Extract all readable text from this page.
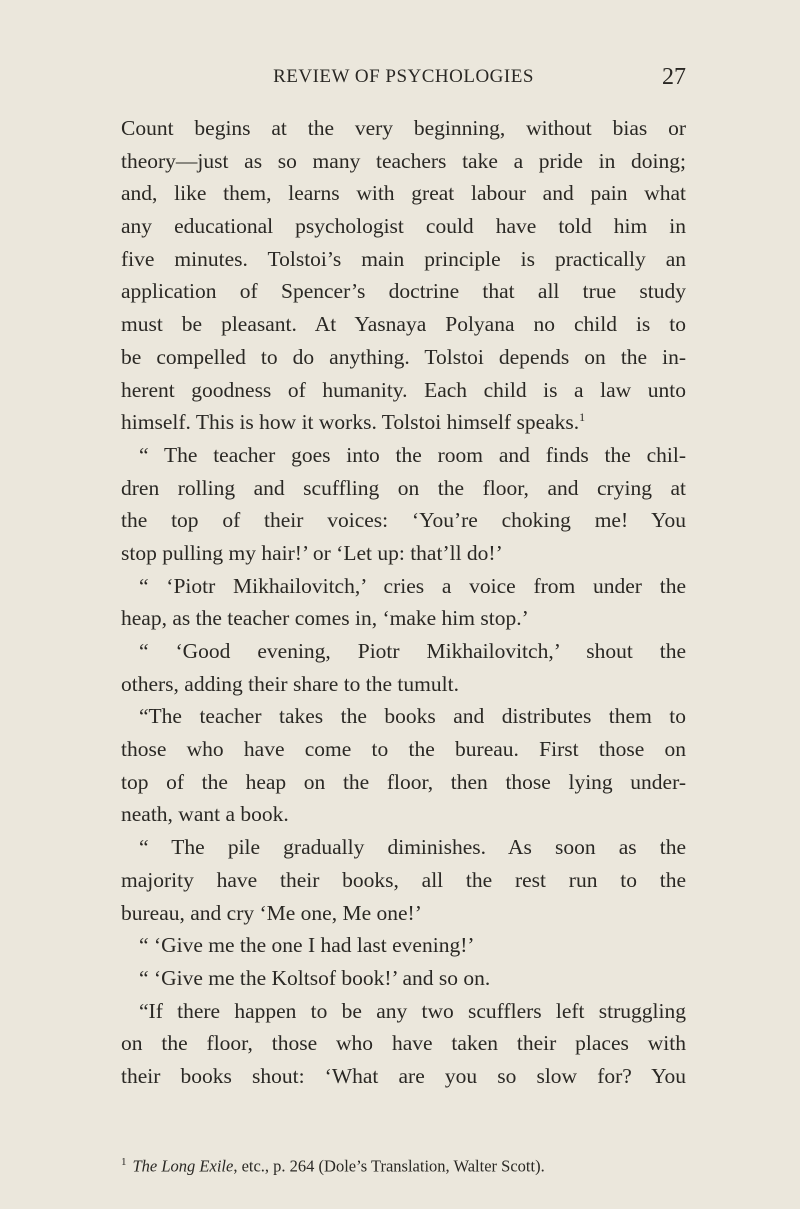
REVIEW OF PSYCHOLOGIES	27
Count begins at the very beginning, without bias or
theory—just as so many teachers take a pride in doing;
and, like them, learns with great labour and pain what
any educational psychologist could have told him in
five minutes. Tolstoi’s main principle is practically an
application of Spencer’s doctrine that all true study
must be pleasant. At Yasnaya Polyana no child is to
be compelled to do anything. Tolstoi depends on the in-
herent goodness of humanity. Each child is a law unto
himself. This is how it works. Tolstoi himself speaks.$^1$
“ The teacher goes into the room and finds the chil-
dren rolling and scuffling on the floor, and crying at
the top of their voices: ‘You’re choking me! You
stop pulling my hair!’ or ‘Let up: that’ll do!’
“ ‘Piotr Mikhailovitch,’ cries a voice from under the
heap, as the teacher comes in, ‘make him stop.’
“ ‘Good evening, Piotr Mikhailovitch,’ shout the
others, adding their share to the tumult.
“The teacher takes the books and distributes them to
those who have come to the bureau. First those on
top of the heap on the floor, then those lying under-
neath, want a book.
“ The pile gradually diminishes. As soon as the
majority have their books, all the rest run to the
bureau, and cry ‘Me one, Me one!’
“ ‘Give me the one I had last evening!’
“ ‘Give me the Koltsof book!’ and so on.
“If there happen to be any two scufflers left struggling
on the floor, those who have taken their places with
their books shout: ‘What are you so slow for? You
$^1$ The Long Exile, etc., p. 264 (Dole’s Translation, Walter Scott).
